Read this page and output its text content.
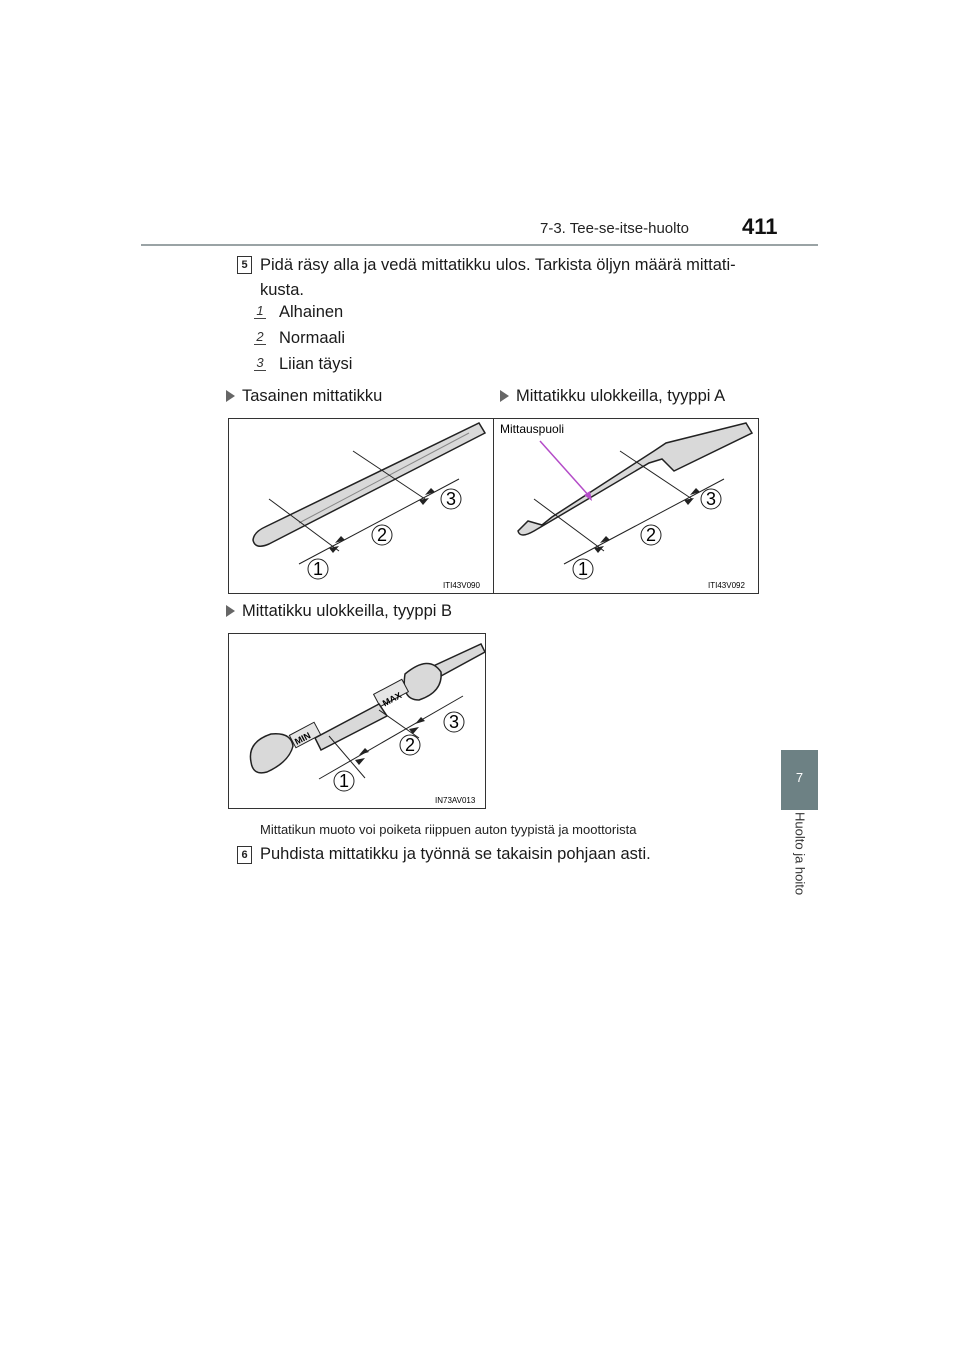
7-3. Tee-se-itse-huolto 411
7
Huolto ja hoito
5 Pidä räsy alla ja vedä mittatikku ulos. Tarkista öljyn määrä mittati-
kusta.
1 Alhainen
2 Normaali
3 Liian täysi
Tasainen mittatikku	Mittatikku ulokkeilla, tyyppi A
1
2
3
ITI43V090
Mittauspuoli
1
2
3
ITI43V092
Mittatikku ulokkeilla, tyyppi B
MAX
MIN
1
2
3
IN73AV013
Mittatikun muoto voi poiketa riippuen auton tyypistä ja moottorista
6 Puhdista mittatikku ja työnnä se takaisin pohjaan asti.
